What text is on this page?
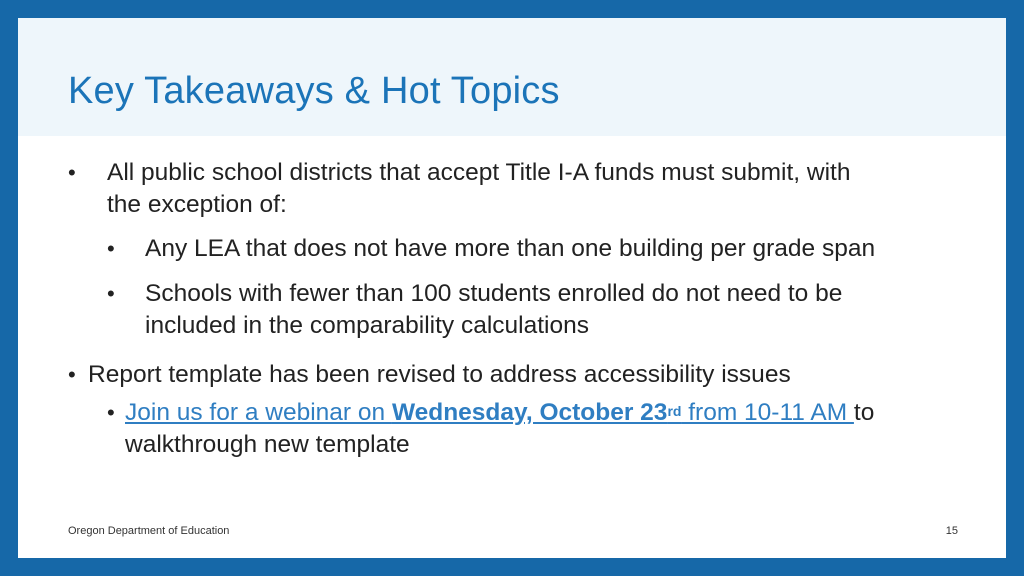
Key Takeaways & Hot Topics
• All public school districts that accept Title I-A funds must submit, with
the exception of:
• Any LEA that does not have more than one building per grade span
• Schools with fewer than 100 students enrolled do not need to be
included in the comparability calculations
• Report template has been revised to address accessibility issues
• Join us for a webinar on Wednesday, October 23rd from 10-11 AM to
walkthrough new template
Oregon Department of Education	15
